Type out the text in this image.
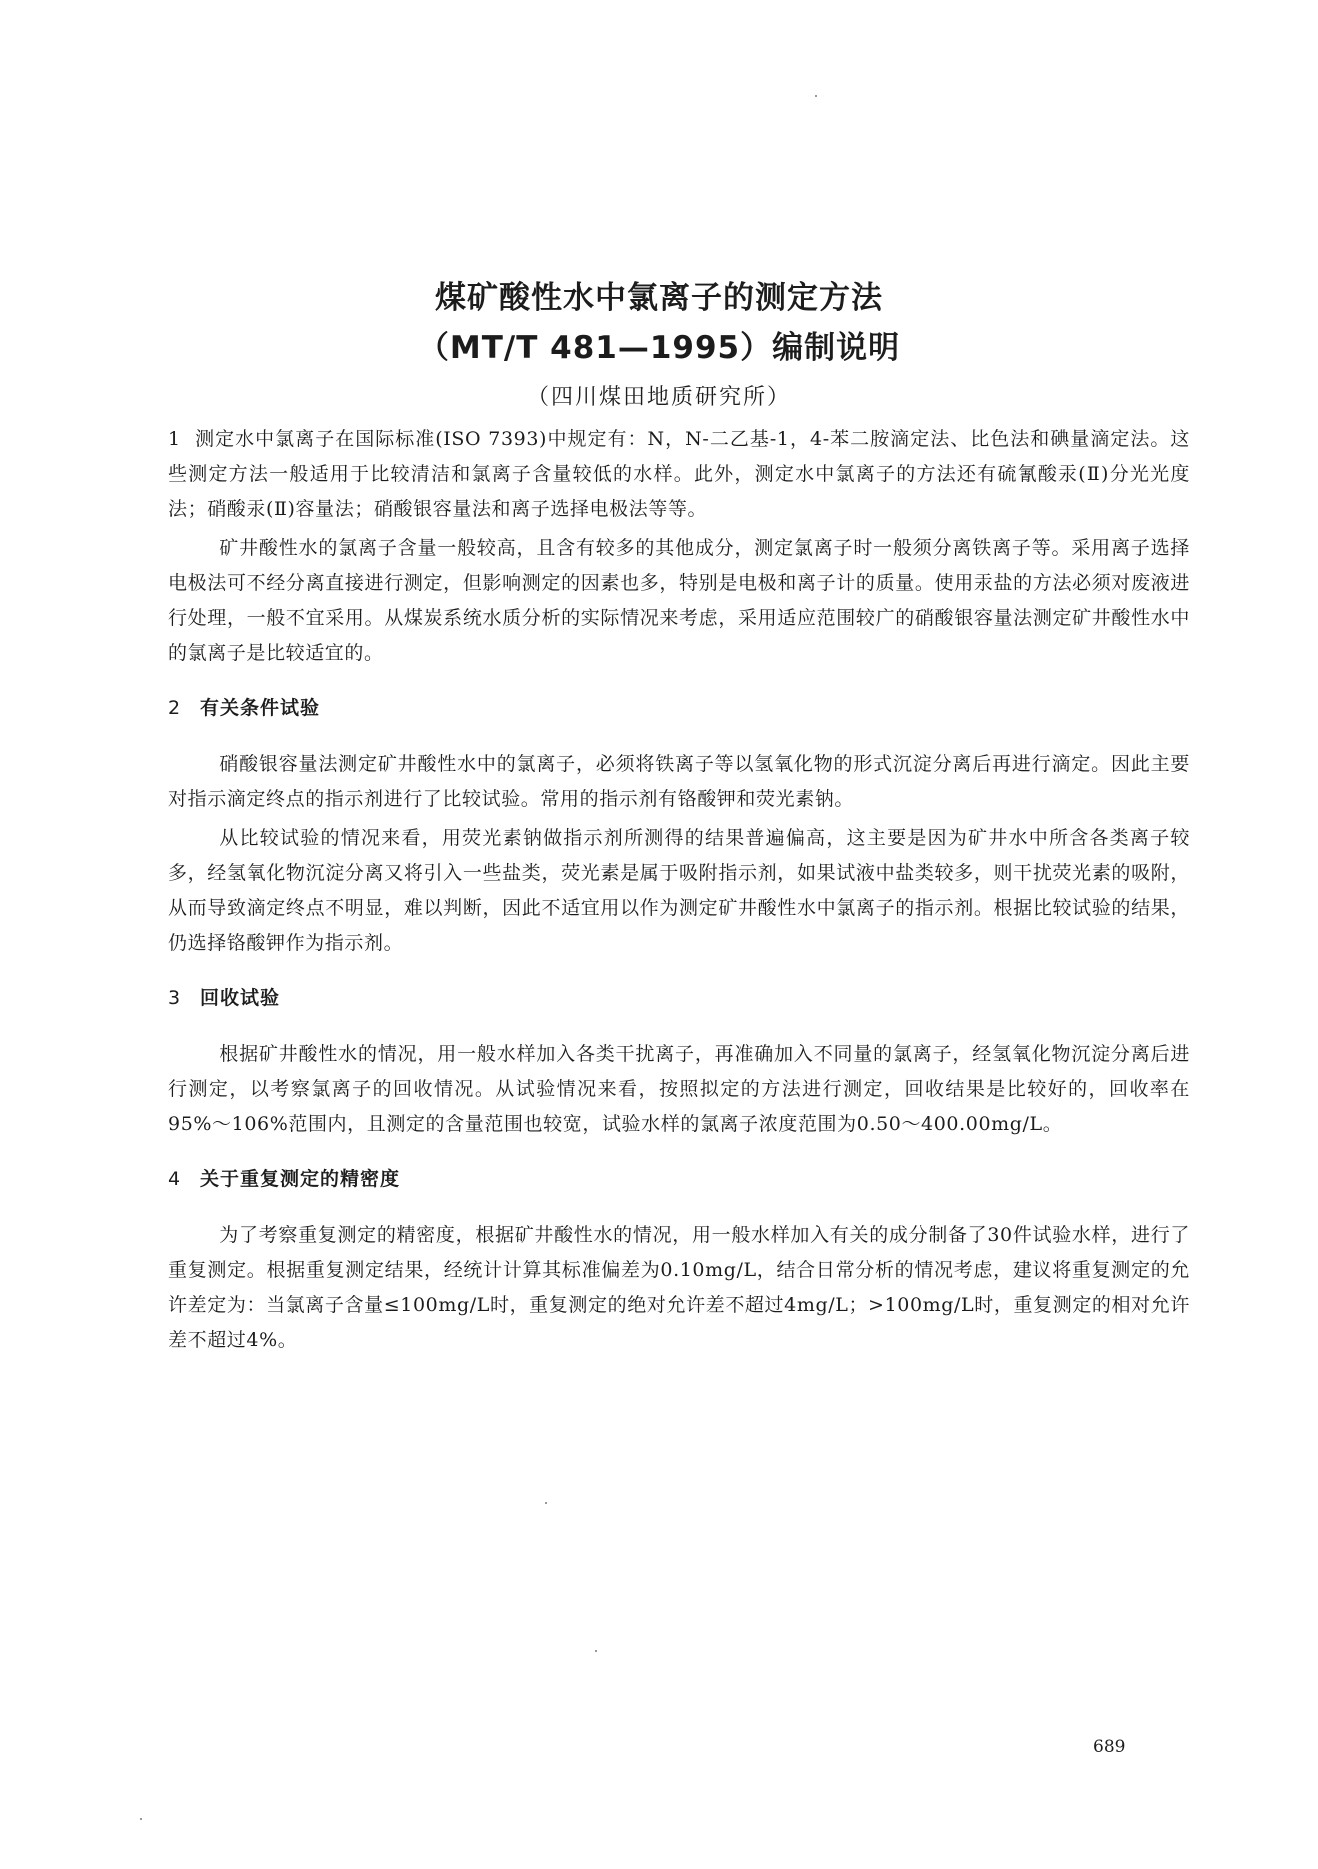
煤矿酸性水中氯离子的测定方法
（MT/T 481—1995）编制说明
（四川煤田地质研究所）

1 测定水中氯离子在国际标准(ISO 7393)中规定有：N，N-二乙基-1，4-苯二胺滴定法、比色法和碘量滴定法。这些测定方法一般适用于比较清洁和氯离子含量较低的水样。此外，测定水中氯离子的方法还有硫氰酸汞(Ⅱ)分光光度法；硝酸汞(Ⅱ)容量法；硝酸银容量法和离子选择电极法等等。

矿井酸性水的氯离子含量一般较高，且含有较多的其他成分，测定氯离子时一般须分离铁离子等。采用离子选择电极法可不经分离直接进行测定，但影响测定的因素也多，特别是电极和离子计的质量。使用汞盐的方法必须对废液进行处理，一般不宜采用。从煤炭系统水质分析的实际情况来考虑，采用适应范围较广的硝酸银容量法测定矿井酸性水中的氯离子是比较适宜的。

2 有关条件试验

硝酸银容量法测定矿井酸性水中的氯离子，必须将铁离子等以氢氧化物的形式沉淀分离后再进行滴定。因此主要对指示滴定终点的指示剂进行了比较试验。常用的指示剂有铬酸钾和荧光素钠。

从比较试验的情况来看，用荧光素钠做指示剂所测得的结果普遍偏高，这主要是因为矿井水中所含各类离子较多，经氢氧化物沉淀分离又将引入一些盐类，荧光素是属于吸附指示剂，如果试液中盐类较多，则干扰荧光素的吸附，从而导致滴定终点不明显，难以判断，因此不适宜用以作为测定矿井酸性水中氯离子的指示剂。根据比较试验的结果，仍选择铬酸钾作为指示剂。

3 回收试验

根据矿井酸性水的情况，用一般水样加入各类干扰离子，再准确加入不同量的氯离子，经氢氧化物沉淀分离后进行测定，以考察氯离子的回收情况。从试验情况来看，按照拟定的方法进行测定，回收结果是比较好的，回收率在95%～106%范围内，且测定的含量范围也较宽，试验水样的氯离子浓度范围为0.50～400.00mg/L。

4 关于重复测定的精密度

为了考察重复测定的精密度，根据矿井酸性水的情况，用一般水样加入有关的成分制备了30件试验水样，进行了重复测定。根据重复测定结果，经统计计算其标准偏差为0.10mg/L，结合日常分析的情况考虑，建议将重复测定的允许差定为：当氯离子含量≤100mg/L时，重复测定的绝对允许差不超过4mg/L；>100mg/L时，重复测定的相对允许差不超过4%。

689
